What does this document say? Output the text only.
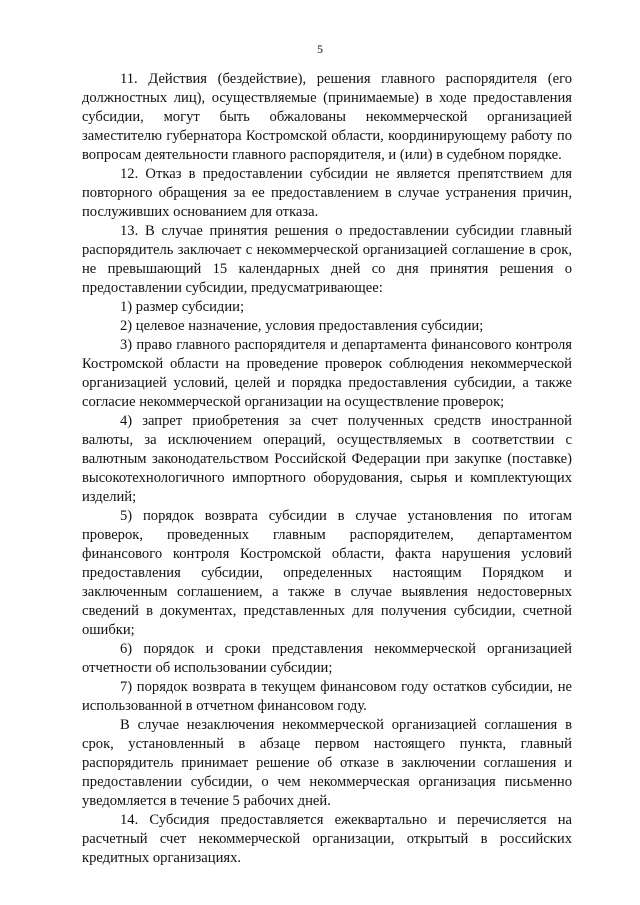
5

11. Действия (бездействие), решения главного распорядителя (его должностных лиц), осуществляемые (принимаемые) в ходе предоставления субсидии, могут быть обжалованы некоммерческой организацией заместителю губернатора Костромской области, координирующему работу по вопросам деятельности главного распорядителя, и (или) в судебном порядке.

12. Отказ в предоставлении субсидии не является препятствием для повторного обращения за ее предоставлением в случае устранения причин, послуживших основанием для отказа.

13. В случае принятия решения о предоставлении субсидии главный распорядитель заключает с некоммерческой организацией соглашение в срок, не превышающий 15 календарных дней со дня принятия решения о предоставлении субсидии, предусматривающее:

1) размер субсидии;

2) целевое назначение, условия предоставления субсидии;

3) право главного распорядителя и департамента финансового контроля Костромской области на проведение проверок соблюдения некоммерческой организацией условий, целей и порядка предоставления субсидии, а также согласие некоммерческой организации на осуществление проверок;

4) запрет приобретения за счет полученных средств иностранной валюты, за исключением операций, осуществляемых в соответствии с валютным законодательством Российской Федерации при закупке (поставке) высокотехнологичного импортного оборудования, сырья и комплектующих изделий;

5) порядок возврата субсидии в случае установления по итогам проверок, проведенных главным распорядителем, департаментом финансового контроля Костромской области, факта нарушения условий предоставления субсидии, определенных настоящим Порядком и заключенным соглашением, а также в случае выявления недостоверных сведений в документах, представленных для получения субсидии, счетной ошибки;

6) порядок и сроки представления некоммерческой организацией отчетности об использовании субсидии;

7) порядок возврата в текущем финансовом году остатков субсидии, не использованной в отчетном финансовом году.

В случае незаключения некоммерческой организацией соглашения в срок, установленный в абзаце первом настоящего пункта, главный распорядитель принимает решение об отказе в заключении соглашения и предоставлении субсидии, о чем некоммерческая организация письменно уведомляется в течение 5 рабочих дней.

14. Субсидия предоставляется ежеквартально и перечисляется на расчетный счет некоммерческой организации, открытый в российских кредитных организациях.
